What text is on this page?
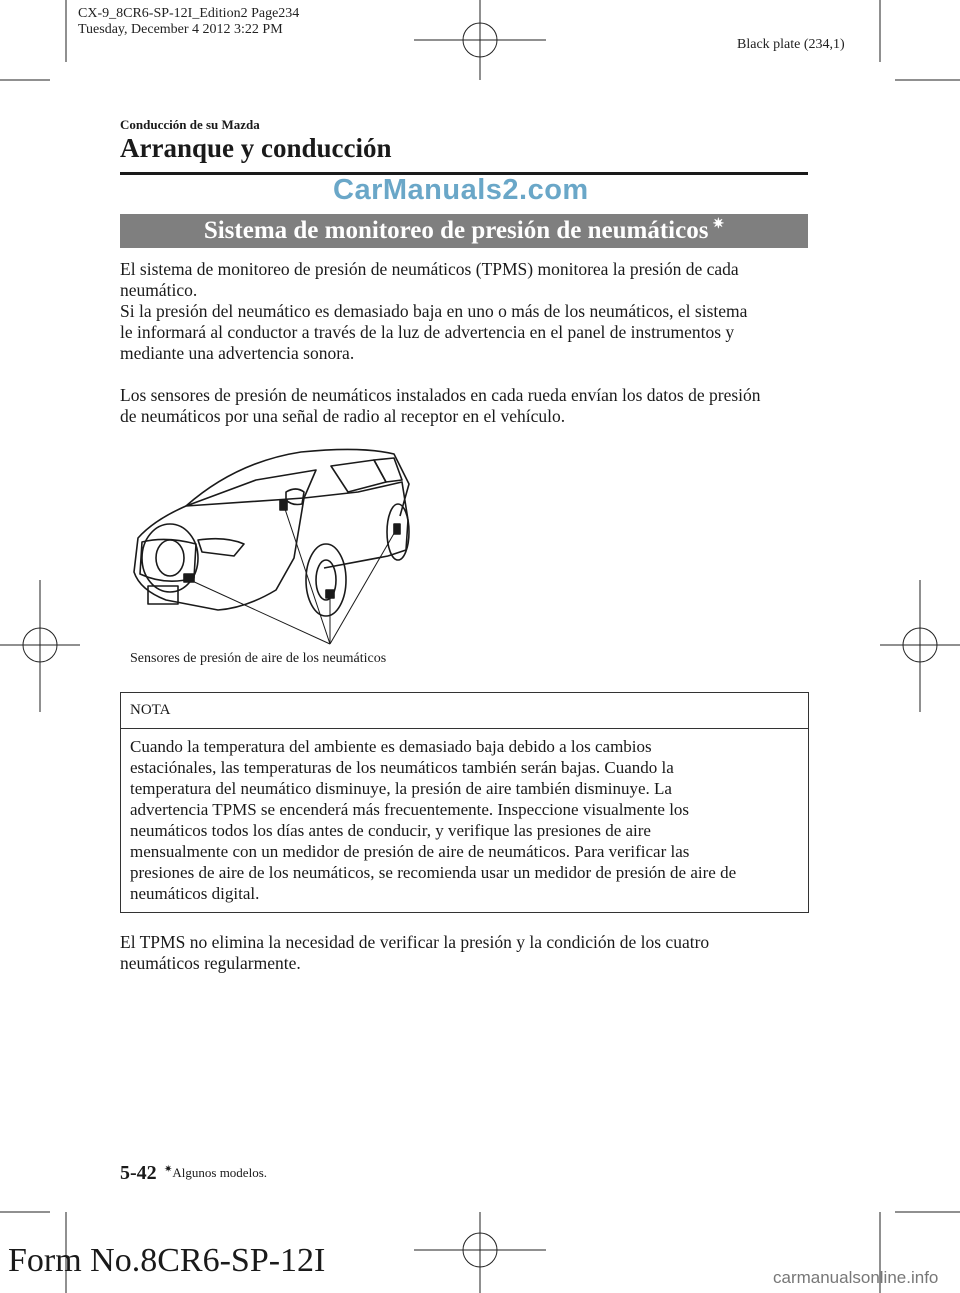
CX-9_8CR6-SP-12I_Edition2 Page234
Tuesday, December 4 2012 3:22 PM
Black plate (234,1)
Conducción de su Mazda
Arranque y conducción
CarManuals2.com
Sistema de monitoreo de presión de neumáticos ✷

El sistema de monitoreo de presión de neumáticos (TPMS) monitorea la presión de cada

neumático.

Si la presión del neumático es demasiado baja en uno o más de los neumáticos, el sistema

le informará al conductor a través de la luz de advertencia en el panel de instrumentos y

mediante una advertencia sonora.

Los sensores de presión de neumáticos instalados en cada rueda envían los datos de presión

de neumáticos por una señal de radio al receptor en el vehículo.

Sensores de presión de aire de los neumáticos
NOTA
Cuando la temperatura del ambiente es demasiado baja debido a los cambios
estaciónales, las temperaturas de los neumáticos también serán bajas. Cuando la
temperatura del neumático disminuye, la presión de aire también disminuye. La
advertencia TPMS se encenderá más frecuentemente. Inspeccione visualmente los
neumáticos todos los días antes de conducir, y verifique las presiones de aire
mensualmente con un medidor de presión de aire de neumáticos. Para verificar las
presiones de aire de los neumáticos, se recomienda usar un medidor de presión de aire de
neumáticos digital.

El TPMS no elimina la necesidad de verificar la presión y la condición de los cuatro

neumáticos regularmente.

5-42 ✷Algunos modelos.
Form No.8CR6-SP-12I	carmanualsonline.info
